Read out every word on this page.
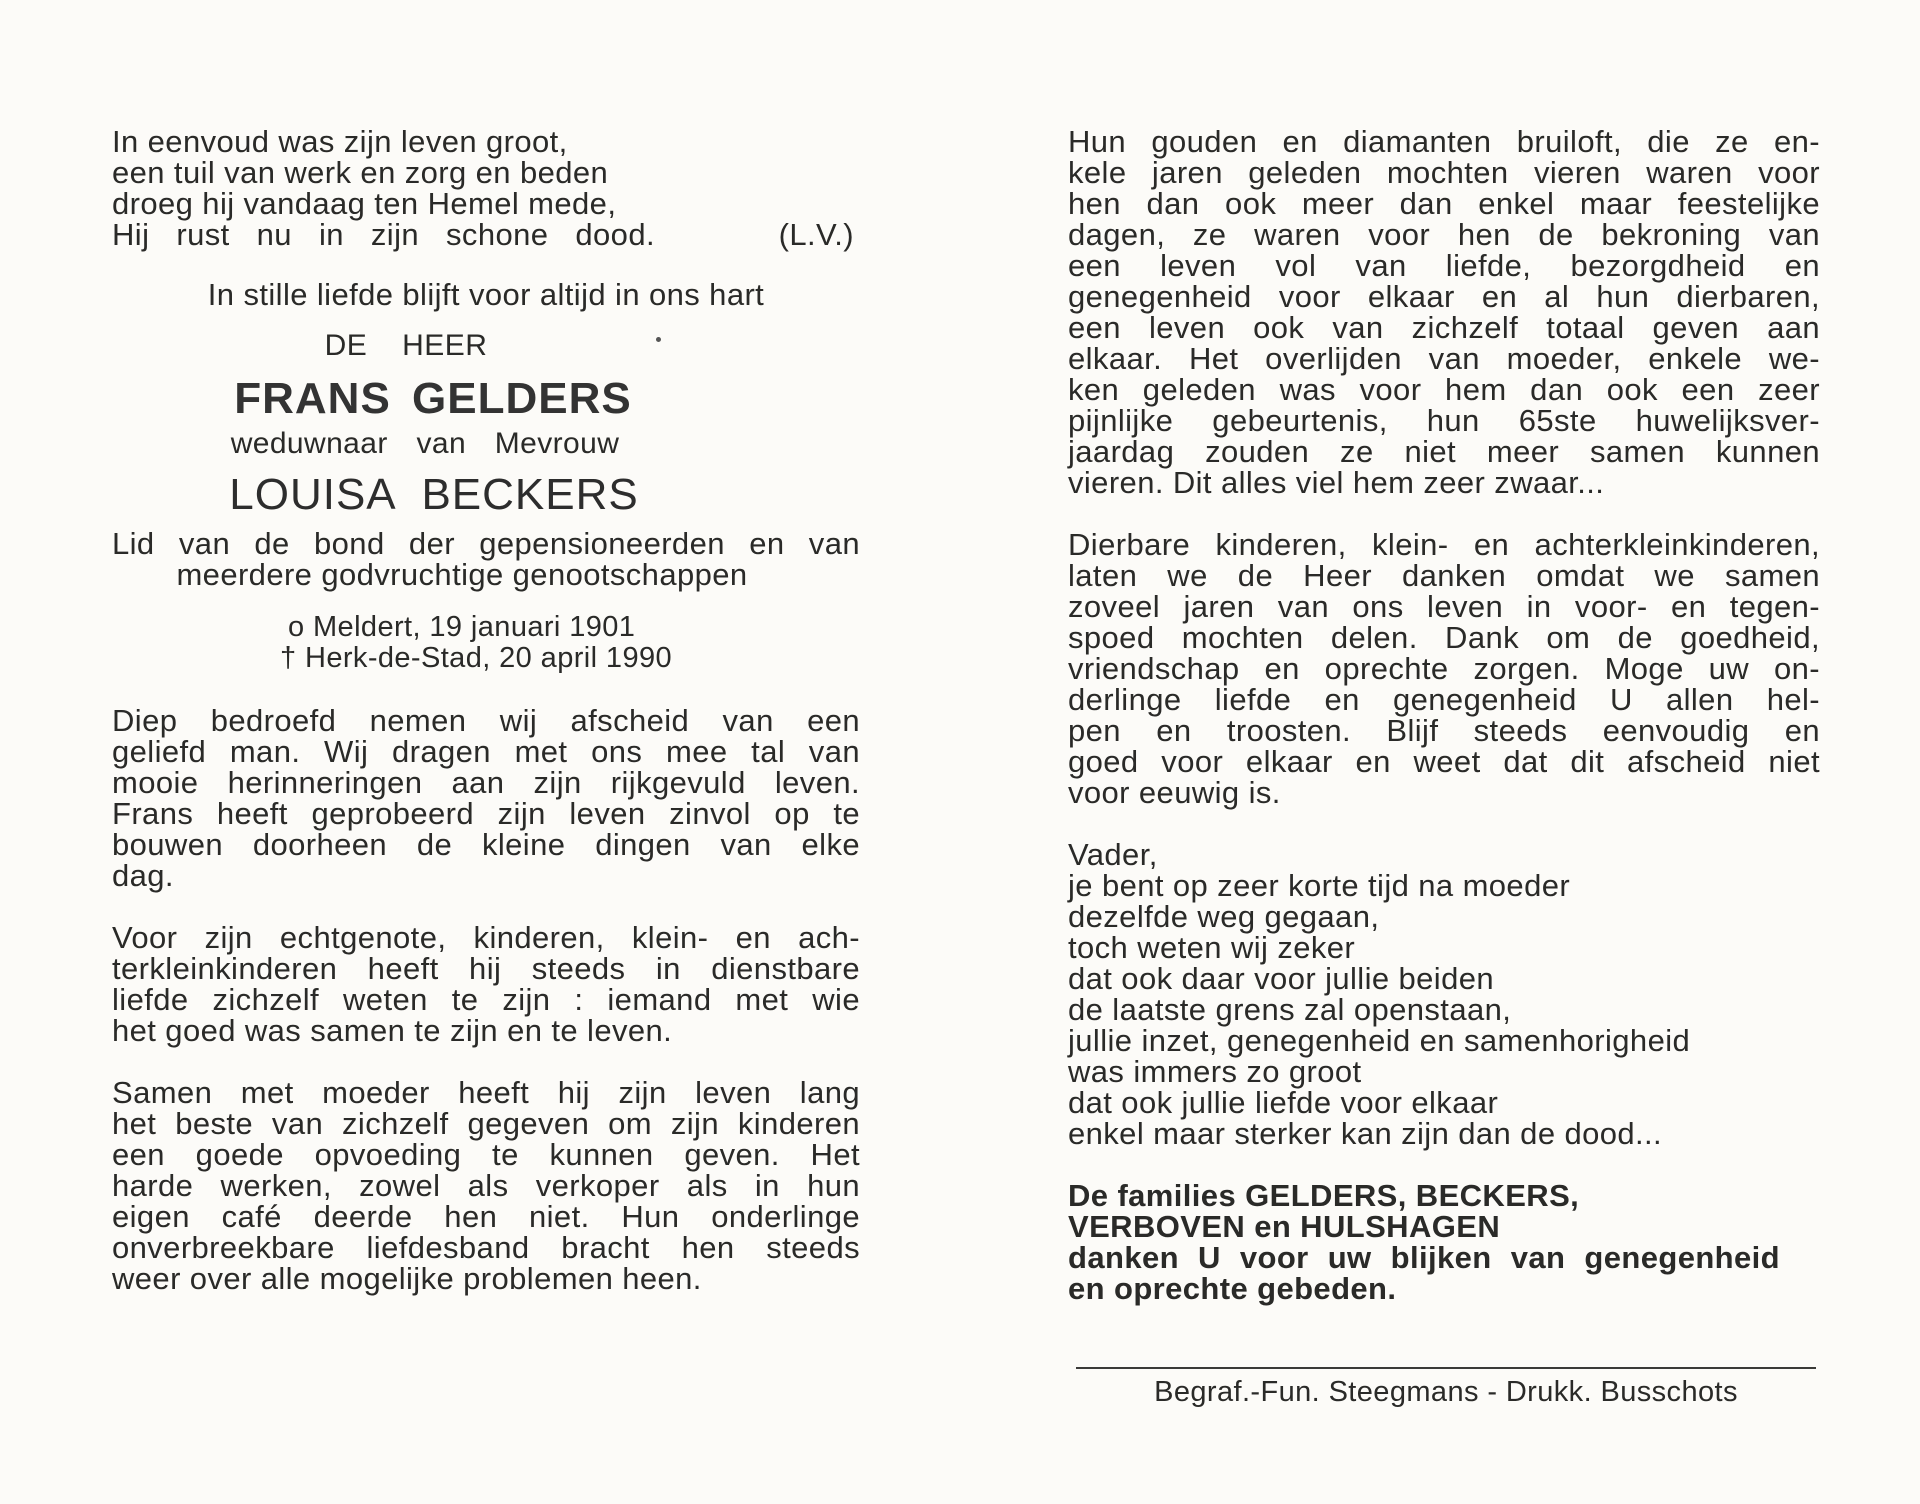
In eenvoud was zijn leven groot,
een tuil van werk en zorg en beden
droeg hij vandaag ten Hemel mede,
Hij rust nu in zijn schone dood.	(L.V.)
In stille liefde blijft voor altijd in ons hart
DE HEER
FRANS GELDERS
weduwnaar van Mevrouw
LOUISA BECKERS
Lid van de bond der gepensioneerden en van
meerdere godvruchtige genootschappen
o Meldert, 19 januari 1901
† Herk-de-Stad, 20 april 1990
Diep bedroefd nemen wij afscheid van een
geliefd man. Wij dragen met ons mee tal van
mooie herinneringen aan zijn rijkgevuld leven.
Frans heeft geprobeerd zijn leven zinvol op te
bouwen doorheen de kleine dingen van elke
dag.
Voor zijn echtgenote, kinderen, klein- en ach-
terkleinkinderen heeft hij steeds in dienstbare
liefde zichzelf weten te zijn : iemand met wie
het goed was samen te zijn en te leven.
Samen met moeder heeft hij zijn leven lang
het beste van zichzelf gegeven om zijn kinderen
een goede opvoeding te kunnen geven. Het
harde werken, zowel als verkoper als in hun
eigen café deerde hen niet. Hun onderlinge
onverbreekbare liefdesband bracht hen steeds
weer over alle mogelijke problemen heen.
Hun gouden en diamanten bruiloft, die ze en-
kele jaren geleden mochten vieren waren voor
hen dan ook meer dan enkel maar feestelijke
dagen, ze waren voor hen de bekroning van
een leven vol van liefde, bezorgdheid en
genegenheid voor elkaar en al hun dierbaren,
een leven ook van zichzelf totaal geven aan
elkaar. Het overlijden van moeder, enkele we-
ken geleden was voor hem dan ook een zeer
pijnlijke gebeurtenis, hun 65ste huwelijksver-
jaardag zouden ze niet meer samen kunnen
vieren. Dit alles viel hem zeer zwaar...
Dierbare kinderen, klein- en achterkleinkinderen,
laten we de Heer danken omdat we samen
zoveel jaren van ons leven in voor- en tegen-
spoed mochten delen. Dank om de goedheid,
vriendschap en oprechte zorgen. Moge uw on-
derlinge liefde en genegenheid U allen hel-
pen en troosten. Blijf steeds eenvoudig en
goed voor elkaar en weet dat dit afscheid niet
voor eeuwig is.
Vader,
je bent op zeer korte tijd na moeder
dezelfde weg gegaan,
toch weten wij zeker
dat ook daar voor jullie beiden
de laatste grens zal openstaan,
jullie inzet, genegenheid en samenhorigheid
was immers zo groot
dat ook jullie liefde voor elkaar
enkel maar sterker kan zijn dan de dood...
De families GELDERS, BECKERS,
VERBOVEN en HULSHAGEN
danken U voor uw blijken van genegenheid
en oprechte gebeden.
Begraf.-Fun. Steegmans - Drukk. Busschots
